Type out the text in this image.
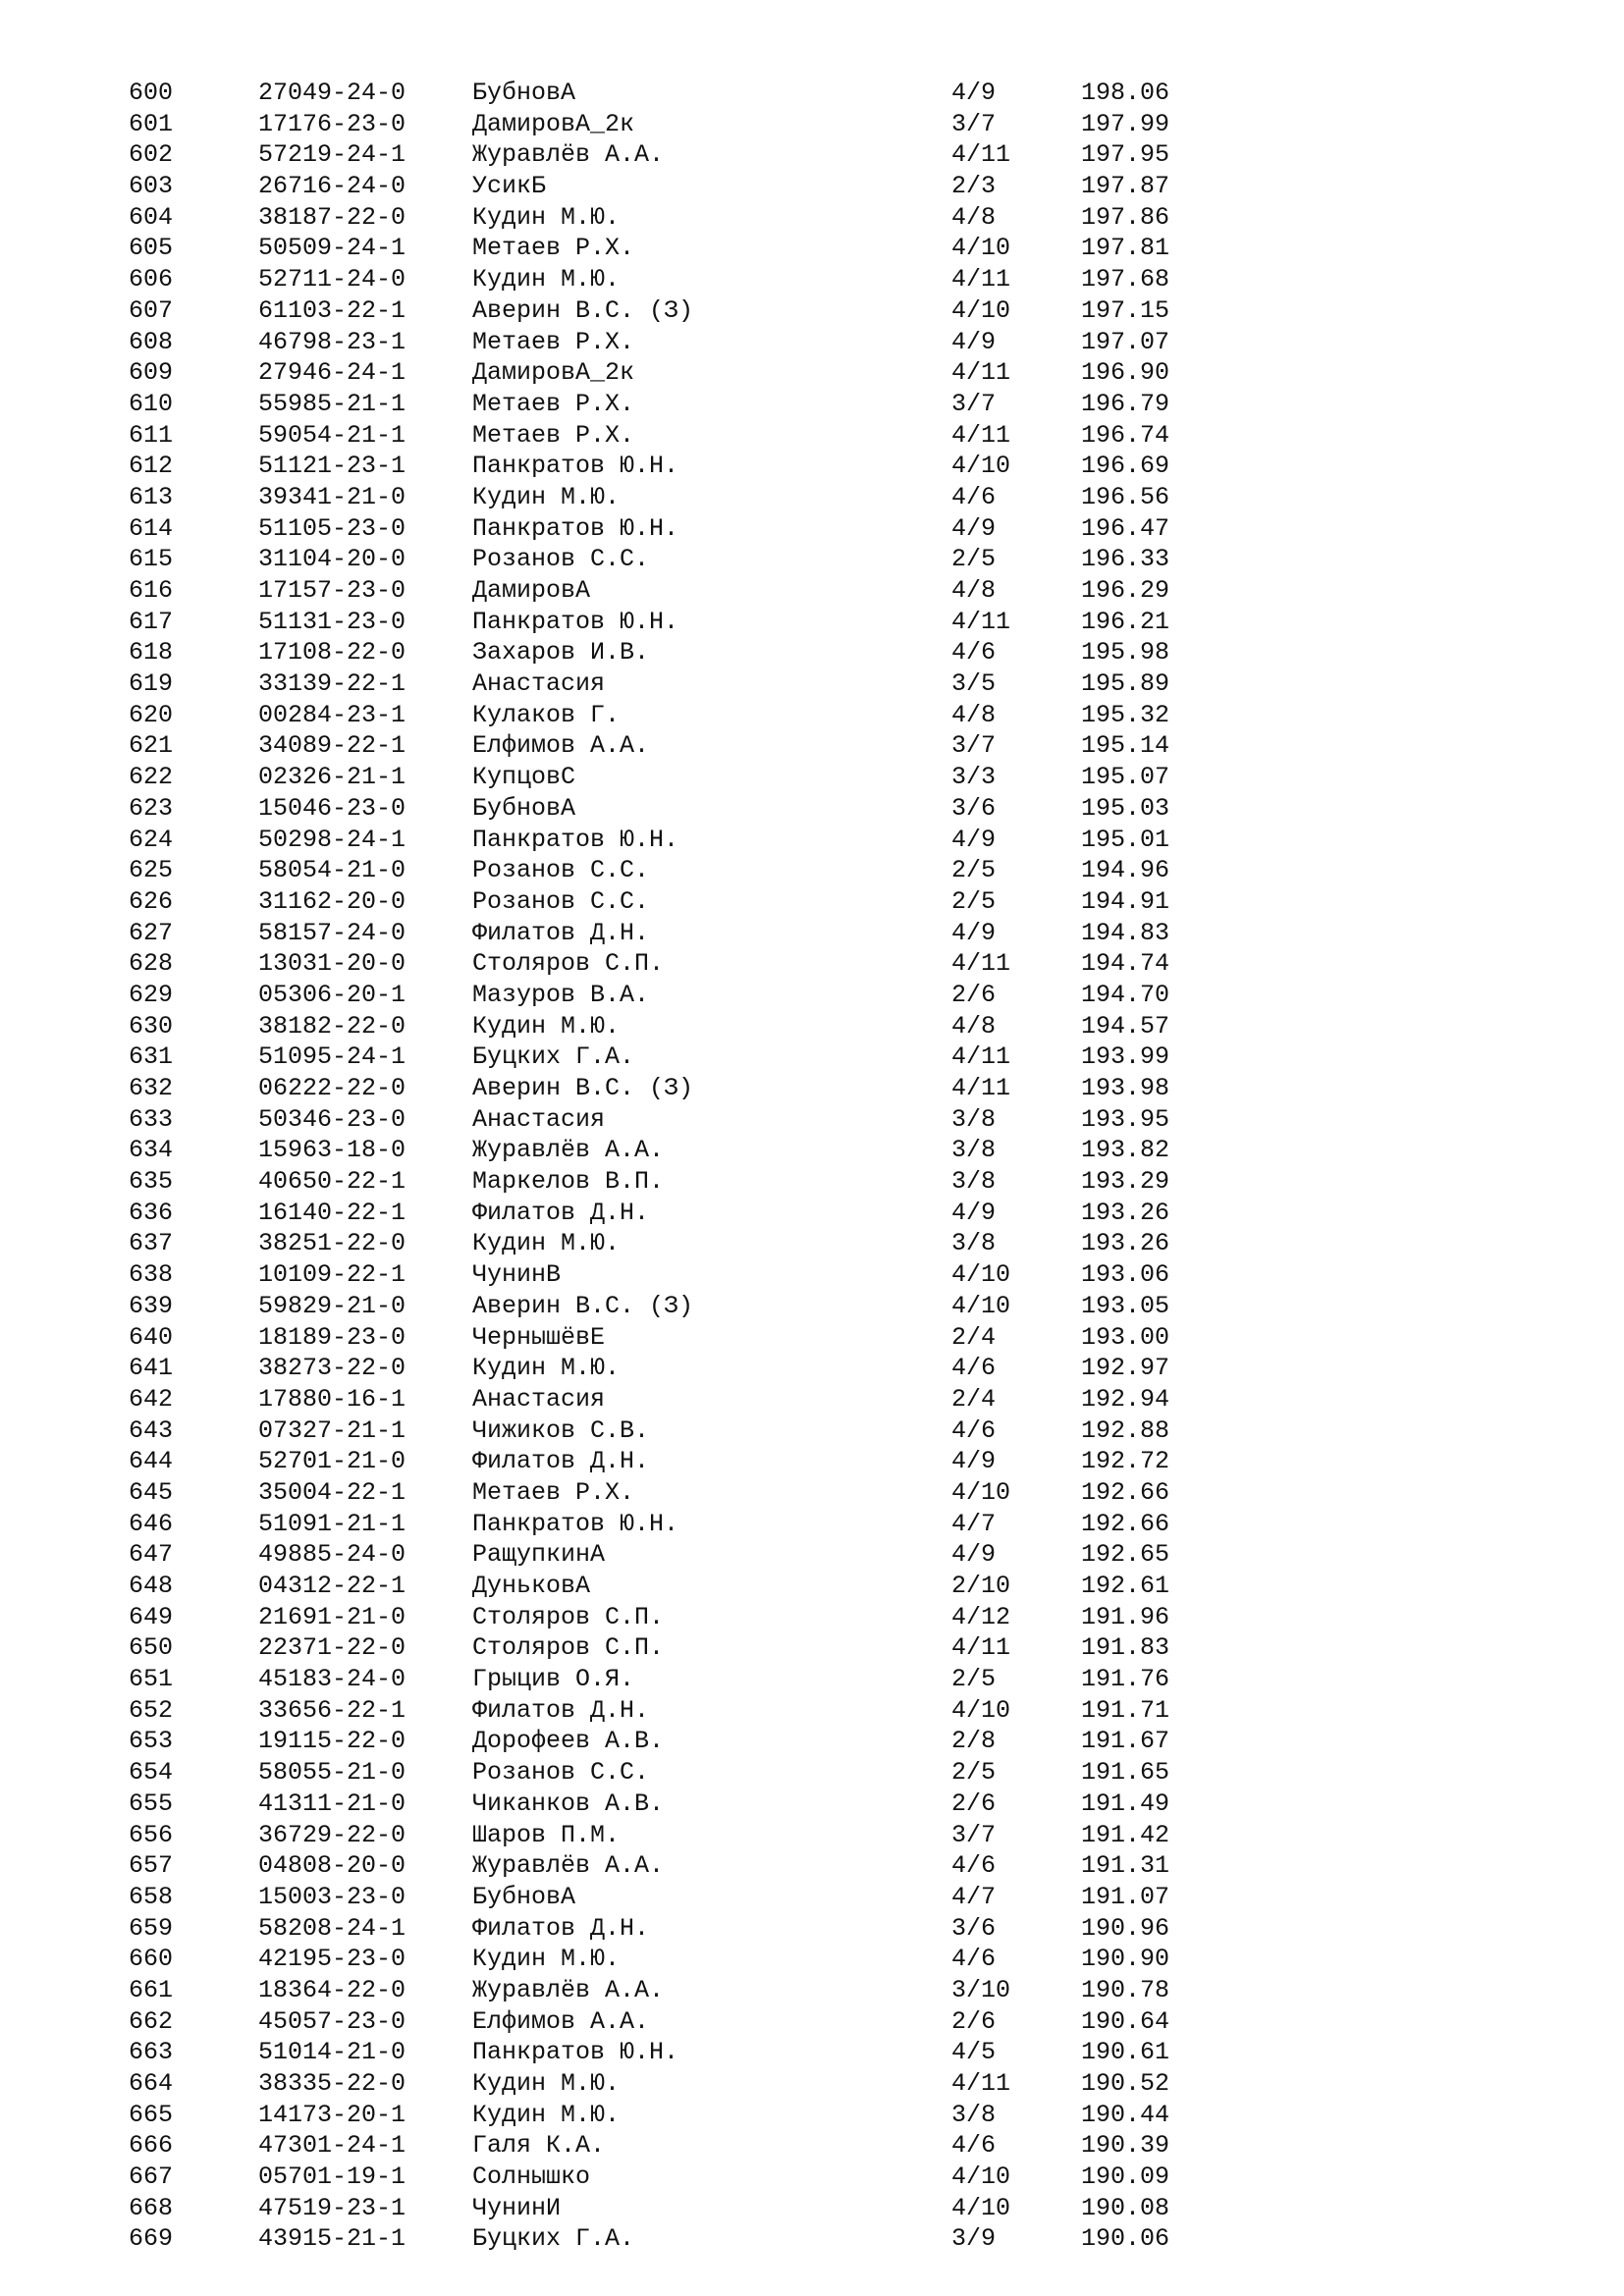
600	27049-24-0	БубновА	4/9	198.06
601	17176-23-0	ДамировА_2к	3/7	197.99
602	57219-24-1	Журавлёв А.А.	4/11	197.95
603	26716-24-0	УсикБ	2/3	197.87
604	38187-22-0	Кудин М.Ю.	4/8	197.86
605	50509-24-1	Метаев Р.Х.	4/10	197.81
606	52711-24-0	Кудин М.Ю.	4/11	197.68
607	61103-22-1	Аверин В.С. (З)	4/10	197.15
608	46798-23-1	Метаев Р.Х.	4/9	197.07
609	27946-24-1	ДамировА_2к	4/11	196.90
610	55985-21-1	Метаев Р.Х.	3/7	196.79
611	59054-21-1	Метаев Р.Х.	4/11	196.74
612	51121-23-1	Панкратов Ю.Н.	4/10	196.69
613	39341-21-0	Кудин М.Ю.	4/6	196.56
614	51105-23-0	Панкратов Ю.Н.	4/9	196.47
615	31104-20-0	Розанов С.С.	2/5	196.33
616	17157-23-0	ДамировА	4/8	196.29
617	51131-23-0	Панкратов Ю.Н.	4/11	196.21
618	17108-22-0	Захаров И.В.	4/6	195.98
619	33139-22-1	Анастасия	3/5	195.89
620	00284-23-1	Кулаков Г.	4/8	195.32
621	34089-22-1	Елфимов А.А.	3/7	195.14
622	02326-21-1	КупцовС	3/3	195.07
623	15046-23-0	БубновА	3/6	195.03
624	50298-24-1	Панкратов Ю.Н.	4/9	195.01
625	58054-21-0	Розанов С.С.	2/5	194.96
626	31162-20-0	Розанов С.С.	2/5	194.91
627	58157-24-0	Филатов Д.Н.	4/9	194.83
628	13031-20-0	Столяров С.П.	4/11	194.74
629	05306-20-1	Мазуров В.А.	2/6	194.70
630	38182-22-0	Кудин М.Ю.	4/8	194.57
631	51095-24-1	Буцких Г.А.	4/11	193.99
632	06222-22-0	Аверин В.С. (З)	4/11	193.98
633	50346-23-0	Анастасия	3/8	193.95
634	15963-18-0	Журавлёв А.А.	3/8	193.82
635	40650-22-1	Маркелов В.П.	3/8	193.29
636	16140-22-1	Филатов Д.Н.	4/9	193.26
637	38251-22-0	Кудин М.Ю.	3/8	193.26
638	10109-22-1	ЧунинВ	4/10	193.06
639	59829-21-0	Аверин В.С. (З)	4/10	193.05
640	18189-23-0	ЧернышёвЕ	2/4	193.00
641	38273-22-0	Кудин М.Ю.	4/6	192.97
642	17880-16-1	Анастасия	2/4	192.94
643	07327-21-1	Чижиков С.В.	4/6	192.88
644	52701-21-0	Филатов Д.Н.	4/9	192.72
645	35004-22-1	Метаев Р.Х.	4/10	192.66
646	51091-21-1	Панкратов Ю.Н.	4/7	192.66
647	49885-24-0	РащупкинА	4/9	192.65
648	04312-22-1	ДуньковА	2/10	192.61
649	21691-21-0	Столяров С.П.	4/12	191.96
650	22371-22-0	Столяров С.П.	4/11	191.83
651	45183-24-0	Грыцив О.Я.	2/5	191.76
652	33656-22-1	Филатов Д.Н.	4/10	191.71
653	19115-22-0	Дорофеев А.В.	2/8	191.67
654	58055-21-0	Розанов С.С.	2/5	191.65
655	41311-21-0	Чиканков А.В.	2/6	191.49
656	36729-22-0	Шаров П.М.	3/7	191.42
657	04808-20-0	Журавлёв А.А.	4/6	191.31
658	15003-23-0	БубновА	4/7	191.07
659	58208-24-1	Филатов Д.Н.	3/6	190.96
660	42195-23-0	Кудин М.Ю.	4/6	190.90
661	18364-22-0	Журавлёв А.А.	3/10	190.78
662	45057-23-0	Елфимов А.А.	2/6	190.64
663	51014-21-0	Панкратов Ю.Н.	4/5	190.61
664	38335-22-0	Кудин М.Ю.	4/11	190.52
665	14173-20-1	Кудин М.Ю.	3/8	190.44
666	47301-24-1	Галя К.А.	4/6	190.39
667	05701-19-1	Солнышко	4/10	190.09
668	47519-23-1	ЧунинИ	4/10	190.08
669	43915-21-1	Буцких Г.А.	3/9	190.06
